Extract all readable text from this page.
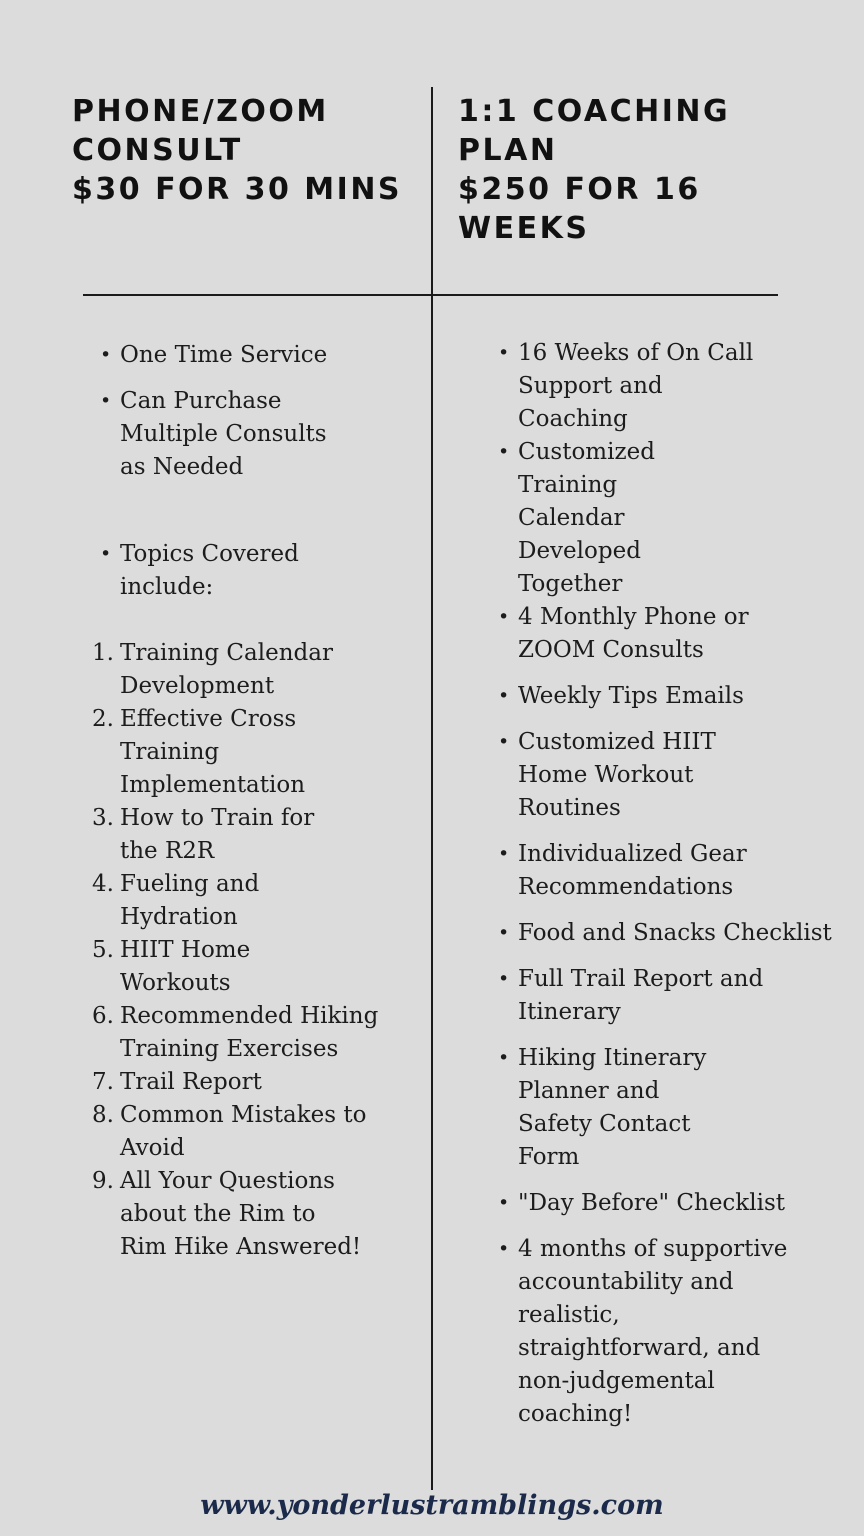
PHONE/ZOOM
CONSULT
$30 FOR 30 MINS
1:1 COACHING
PLAN
$250 FOR 16
WEEKS
• One Time Service
• Can Purchase Multiple Consults as Needed
• Topics Covered include:
1. Training Calendar Development
2. Effective Cross Training Implementation
3. How to Train for the R2R
4. Fueling and Hydration
5. HIIT Home Workouts
6. Recommended Hiking Training Exercises
7. Trail Report
8. Common Mistakes to Avoid
9. All Your Questions about the Rim to Rim Hike Answered!
• 16 Weeks of On Call Support and Coaching
• Customized Training Calendar Developed Together
• 4 Monthly Phone or ZOOM Consults
• Weekly Tips Emails
• Customized HIIT Home Workout Routines
• Individualized Gear Recommendations
• Food and Snacks Checklist
• Full Trail Report and Itinerary
• Hiking Itinerary Planner and Safety Contact Form
• "Day Before" Checklist
• 4 months of supportive accountability and realistic, straightforward, and non-judgemental coaching!
www.yonderlustramblings.com
